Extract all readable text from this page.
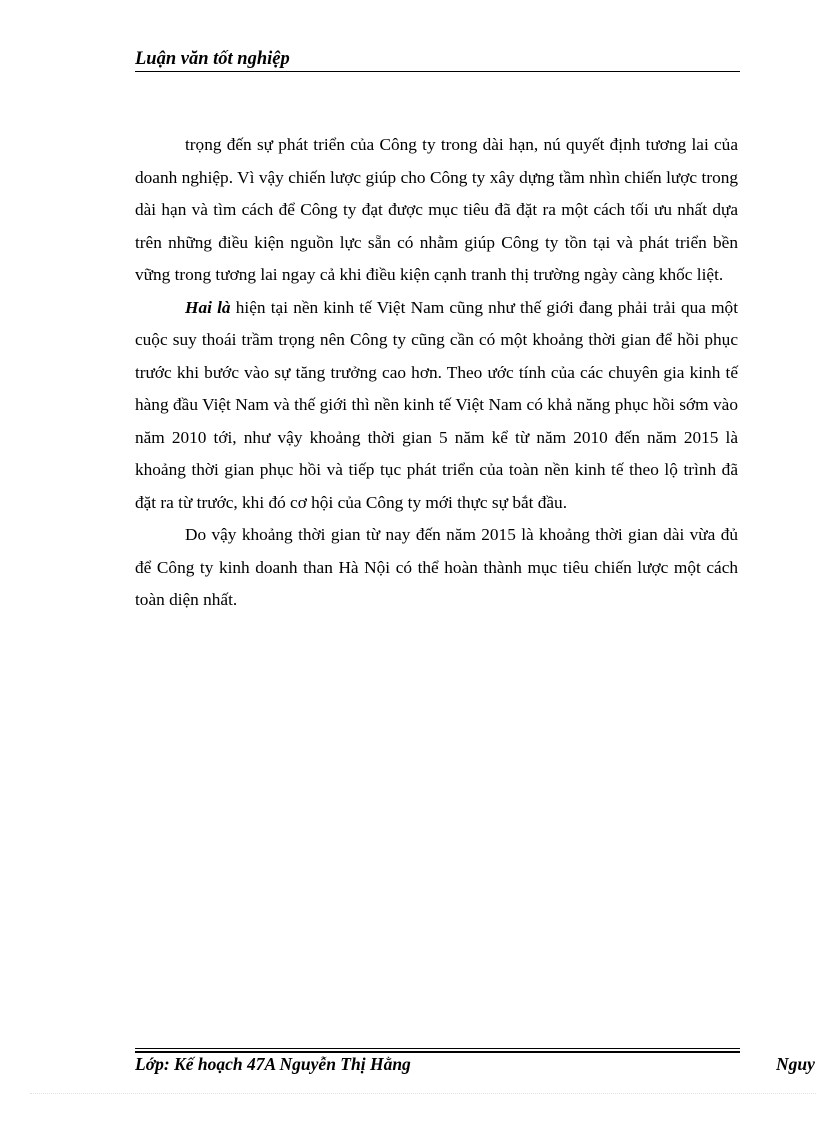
Luận văn tốt nghiệp

trọng đến sự phát triển của Công ty trong dài hạn, nú quyết định tương lai của doanh nghiệp. Vì vậy chiến lược giúp cho Công ty xây dựng tầm nhìn chiến lược trong dài hạn và tìm cách để Công ty đạt được mục tiêu đã đặt ra một cách tối ưu nhất dựa trên những điều kiện nguồn lực sẵn có nhằm giúp Công ty tồn tại và phát triển bền vững trong tương lai ngay cả khi điều kiện cạnh tranh thị trường ngày càng khốc liệt.

Hai là hiện tại nền kinh tế Việt Nam cũng như thế giới đang phải trải qua một cuộc suy thoái trầm trọng nên Công ty cũng cần có một khoảng thời gian để hồi phục trước khi bước vào sự tăng trưởng cao hơn. Theo ước tính của các chuyên gia kinh tế hàng đầu Việt Nam và thế giới thì nền kinh tế Việt Nam có khả năng phục hồi sớm vào năm 2010 tới, như vậy khoảng thời gian 5 năm kể từ năm 2010 đến năm 2015 là khoảng thời gian phục hồi và tiếp tục phát triển của toàn nền kinh tế theo lộ trình đã đặt ra từ trước, khi đó cơ hội của Công ty mới thực sự bắt đầu.

Do vậy khoảng thời gian từ nay đến năm 2015 là khoảng thời gian dài vừa đủ để Công ty kinh doanh than Hà Nội có thể hoàn thành mục tiêu chiến lược một cách toàn diện nhất.

Lớp: Kế hoạch 47A Nguyễn Thị Hằng	Nguy
